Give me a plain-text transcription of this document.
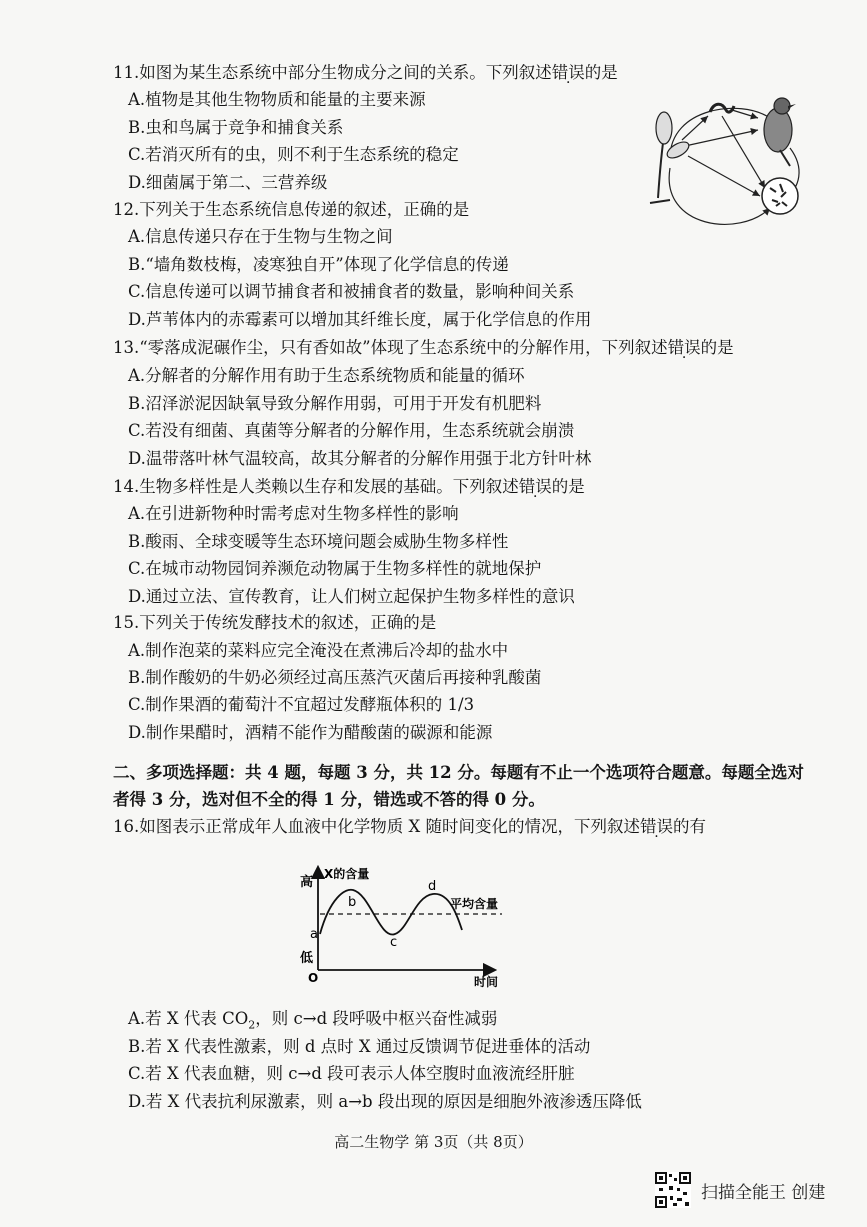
11.如图为某生态系统中部分生物成分之间的关系。下列叙述错误的是
A.植物是其他生物物质和能量的主要来源
B.虫和鸟属于竞争和捕食关系
C.若消灭所有的虫，则不利于生态系统的稳定
D.细菌属于第二、三营养级
12.下列关于生态系统信息传递的叙述，正确的是
A.信息传递只存在于生物与生物之间
B.“墙角数枝梅，凌寒独自开”体现了化学信息的传递
C.信息传递可以调节捕食者和被捕食者的数量，影响种间关系
D.芦苇体内的赤霉素可以增加其纤维长度，属于化学信息的作用
13.“零落成泥碾作尘，只有香如故”体现了生态系统中的分解作用，下列叙述错误的是
A.分解者的分解作用有助于生态系统物质和能量的循环
B.沼泽淤泥因缺氧导致分解作用弱，可用于开发有机肥料
C.若没有细菌、真菌等分解者的分解作用，生态系统就会崩溃
D.温带落叶林气温较高，故其分解者的分解作用强于北方针叶林
14.生物多样性是人类赖以生存和发展的基础。下列叙述错误的是
A.在引进新物种时需考虑对生物多样性的影响
B.酸雨、全球变暖等生态环境问题会威胁生物多样性
C.在城市动物园饲养濒危动物属于生物多样性的就地保护
D.通过立法、宣传教育，让人们树立起保护生物多样性的意识
15.下列关于传统发酵技术的叙述，正确的是
A.制作泡菜的菜料应完全淹没在煮沸后冷却的盐水中
B.制作酸奶的牛奶必须经过高压蒸汽灭菌后再接种乳酸菌
C.制作果酒的葡萄汁不宜超过发酵瓶体积的 1/3
D.制作果醋时，酒精不能作为醋酸菌的碳源和能源
二、多项选择题：共 4 题，每题 3 分，共 12 分。每题有不止一个选项符合题意。每题全选对
者得 3 分，选对但不全的得 1 分，错选或不答的得 0 分。
16.如图表示正常成年人血液中化学物质 X 随时间变化的情况，下列叙述错误的有
高
X的含量
低
O	时间
平均含量
a
b
c
d
A.若 X 代表 $CO_2$，则 c→d 段呼吸中枢兴奋性减弱
B.若 X 代表性激素，则 d 点时 X 通过反馈调节促进垂体的活动
C.若 X 代表血糖，则 c→d 段可表示人体空腹时血液流经肝脏
D.若 X 代表抗利尿激素，则 a→b 段出现的原因是细胞外液渗透压降低
高二生物学 第 3页（共 8页）
扫描全能王 创建
